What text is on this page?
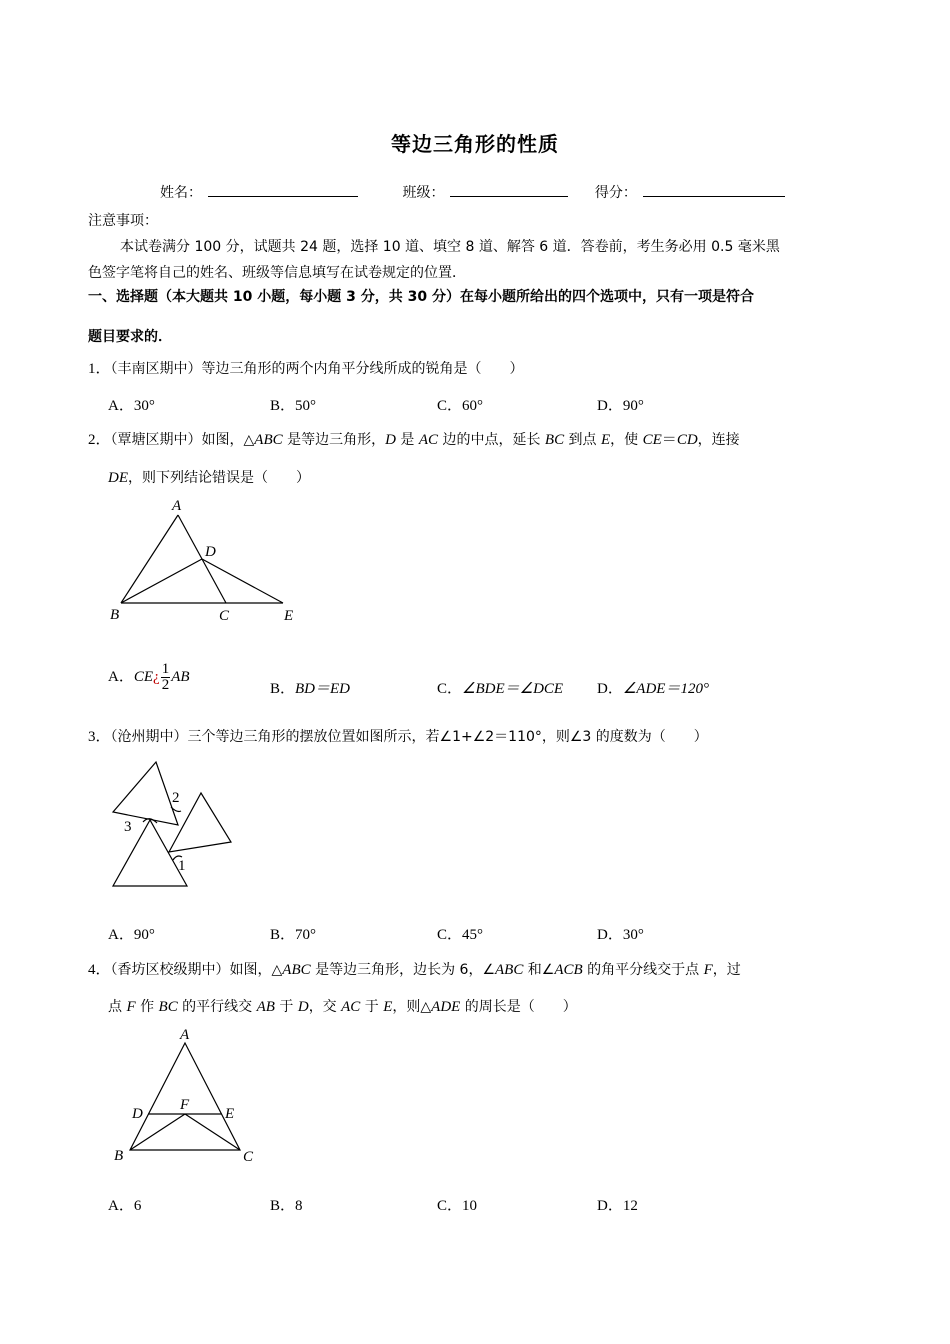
等边三角形的性质
姓名：	班级：	得分：
注意事项：
本试卷满分 100 分，试题共 24 题，选择 10 道、填空 8 道、解答 6 道．答卷前，考生务必用 0.5 毫米黑
色签字笔将自己的姓名、班级等信息填写在试卷规定的位置．
一、选择题（本大题共 10 小题，每小题 3 分，共 30 分）在每小题所给出的四个选项中，只有一项是符合
题目要求的．
1．（丰南区期中）等边三角形的两个内角平分线所成的锐角是（　　）
A．30°	B．50°	C．60°	D．90°
2．（覃塘区期中）如图，△ABC 是等边三角形，D 是 AC 边的中点，延长 BC 到点 E，使 CE＝CD，连接
DE，则下列结论错误是（　　）
A
D
B	C	E
A．CE¿ $\frac{1}{2}$ AB
B．BD＝ED	C．∠BDE＝∠DCE D．∠ADE＝120°
3．（沧州期中）三个等边三角形的摆放位置如图所示，若∠1+∠2＝110°，则∠3 的度数为（　　）
1
2
3
A．90°	B．70°	C．45°	D．30°
4．（香坊区校级期中）如图，△ABC 是等边三角形，边长为 6，∠ABC 和∠ACB 的角平分线交于点 F，过
点 F 作 BC 的平行线交 AB 于 D，交 AC 于 E，则△ADE 的周长是（　　）
A
D
F
E
B	C
A．6	B．8	C．10	D．12
